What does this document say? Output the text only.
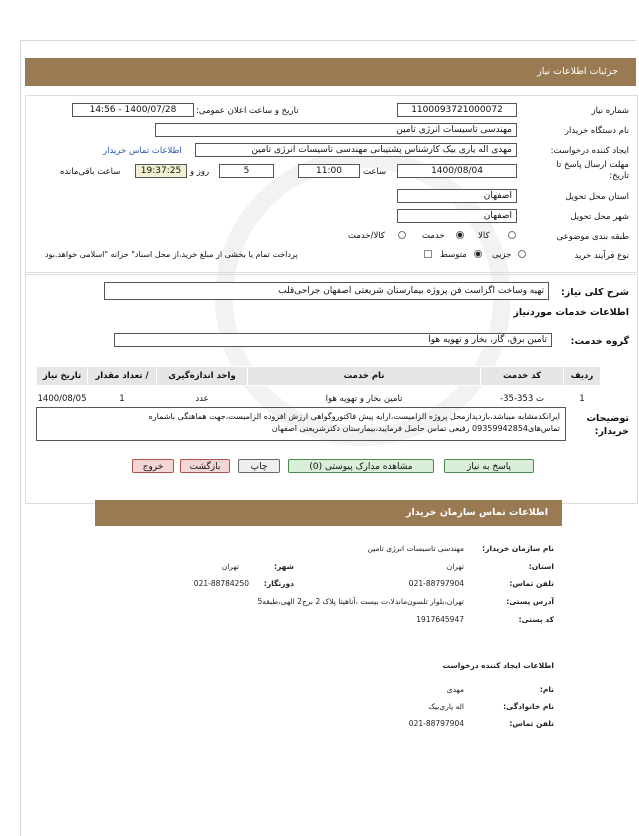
جزئیات اطلاعات نیاز
شماره نیاز
1100093721000072
تاریخ و ساعت اعلان عمومی:
1400/07/28 - 14:56
نام دستگاه خریدار
مهندسی تاسیسات انرژی تامین
ایجاد کننده درخواست:
مهدی اله یاری بیک کارشناس پشتیبانی مهندسی تاسیسات انرژی تامین
اطلاعات تماس خریدار
مهلت ارسال پاسخ تا تاریخ:
1400/08/04
ساعت
11:00
5
روز و
19:37:25
ساعت باقی‌مانده
استان محل تحویل
اصفهان
شهر محل تحویل
اصفهان
طبقه بندی موضوعی
کالا
خدمت
کالا/خدمت
نوع فرآیند خرید
جزیی
متوسط
پرداخت تمام یا بخشی از مبلغ خرید،از محل اسناد" خزانه "اسلامی خواهد.بود
شرح کلی نیاز:
تهیه وساخت اگزاست فن پروژه بیمارستان شریعتی اصفهان جراحی‌قلب
اطلاعات خدمات مورد‌نیاز
گروه خدمت:
تامین برق، گاز، بخار و تهویه هوا
ردیف	کد خدمت	نام خدمت	واحد اندازه‌گیری	/ تعداد مقدار	تاریخ نیاز
1	ت 353-35-	تامین بخار و تهویه هوا	عدد	1	1400/08/05
توضیحات خریدار:
ایرانکدمشابه میباشد،بازدیدازمحل پروژه الزامیست،ارایه پیش فاکتوروگواهی ارزش افزوده الزامیست،جهت هماهنگی باشماره
تماس‌های09359942854 رفیعی تماس حاصل فرمایید،بیمارستان دکترشریعتی اصفهان
پاسخ به نیاز
مشاهده مدارک پیوستی (0)
چاپ
بازگشت
خروج
اطلاعات تماس سازمان خریدار
نام سازمان خریدار:
مهندسی تاسیسات انرژی تامین
استان:
تهران
شهر:
تهران
تلفن تماس:
021-88797904
دورنگار:
021-88784250
آدرس پستی:
تهران،بلوار تلسون‌ماندلا،ت بیست ،آناهیتا پلاک 2 برج2 الهی،طبقه5
کد پستی:
1917645947
اطلاعات ایجاد کننده درخواست
نام:
مهدی
نام خانوادگی:
اله یاری‌بیک
تلفن تماس:
021-88797904
